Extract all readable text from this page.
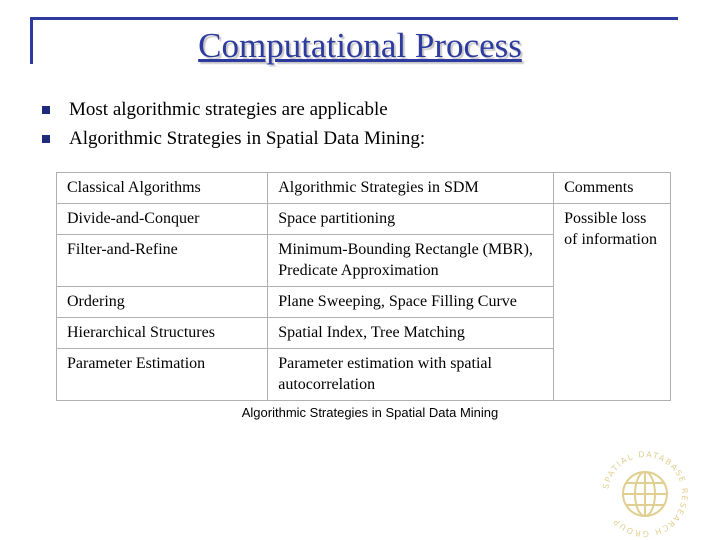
Computational Process
Most algorithmic strategies are applicable
Algorithmic Strategies in Spatial Data Mining:
Classical Algorithms	Algorithmic Strategies in SDM	Comments
Divide-and-Conquer	Space partitioning	Possible loss of information
Filter-and-Refine	Minimum-Bounding Rectangle (MBR), Predicate Approximation	
Ordering	Plane Sweeping, Space Filling Curve	
Hierarchical Structures	Spatial Index, Tree Matching	
Parameter Estimation	Parameter estimation with spatial autocorrelation	
Algorithmic Strategies in Spatial Data Mining
SPATIAL DATABASE RESEARCH GROUP
